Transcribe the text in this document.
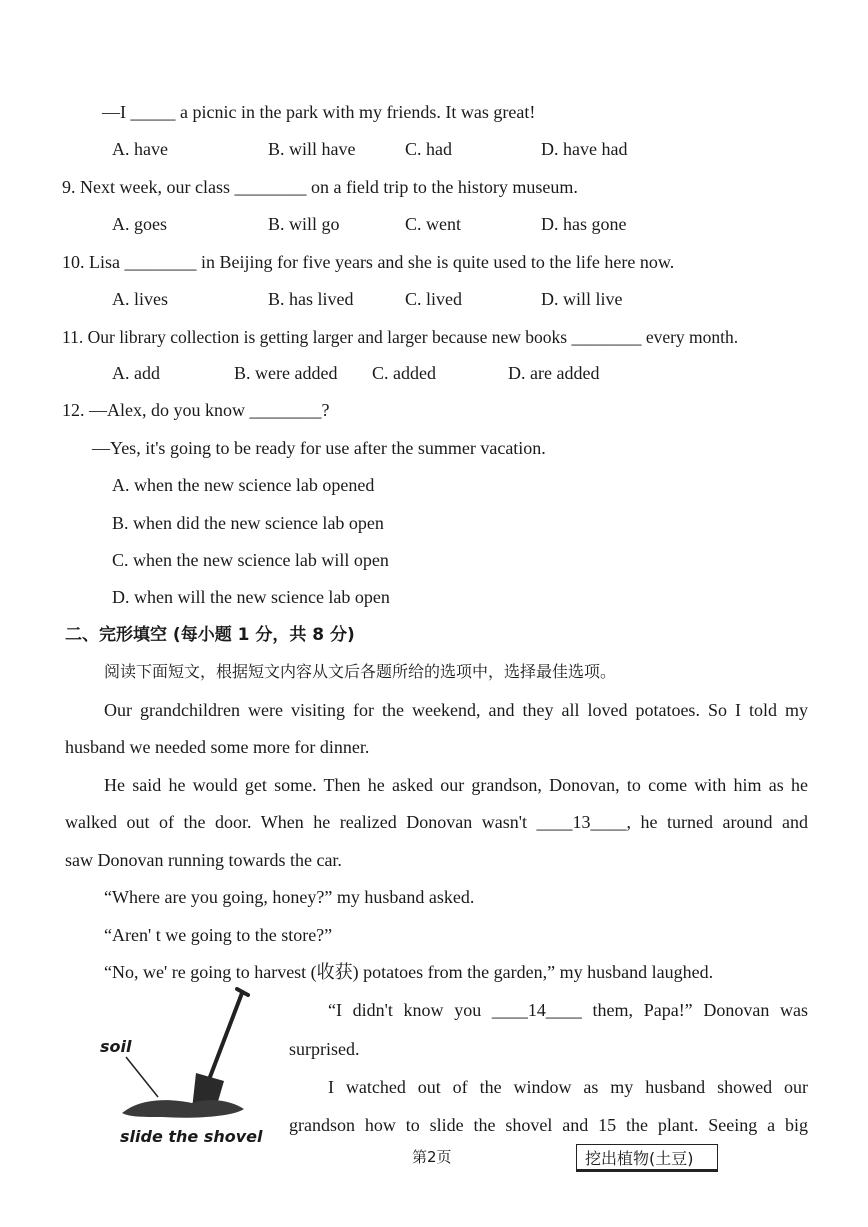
—I _____ a picnic in the park with my friends. It was great!
A. have	B. will have	C. had	D. have had
9. Next week, our class ________ on a field trip to the history museum.
A. goes	B. will go	C. went	D. has gone
10. Lisa ________ in Beijing for five years and she is quite used to the life here now.
A. lives	B. has lived	C. lived	D. will live
11. Our library collection is getting larger and larger because new books ________ every month.
A. add	B. were added C. added	D. are added
12. —Alex, do you know ________?
—Yes, it's going to be ready for use after the summer vacation.
A. when the new science lab opened
B. when did the new science lab open
C. when the new science lab will open
D. when will the new science lab open
二、完形填空 (每小题 1 分，共 8 分)
阅读下面短文，根据短文内容从文后各题所给的选项中，选择最佳选项。
Our grandchildren were visiting for the weekend, and they all loved potatoes. So I told my
husband we needed some more for dinner.
He said he would get some. Then he asked our grandson, Donovan, to come with him as he
walked out of the door. When he realized Donovan wasn't ____13____, he turned around and
saw Donovan running towards the car.
“Where are you going, honey?” my husband asked.
“Aren' t we going to the store?”
“No, we' re going to harvest (收获) potatoes from the garden,” my husband laughed.
“I didn't know you ____14____ them, Papa!” Donovan was
surprised.
I watched out of the window as my husband showed our
grandson how to slide the shovel and 15 the plant. Seeing a big
soil
slide the shovel
第2页	挖出植物(土豆)
